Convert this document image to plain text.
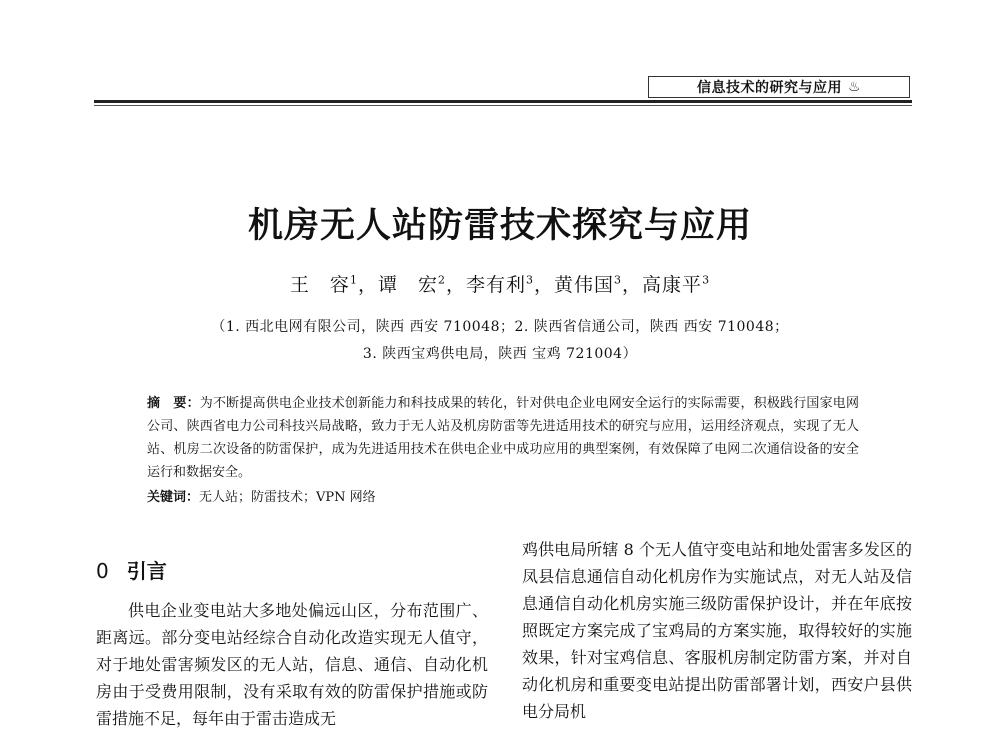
信息技术的研究与应用 ♨
机房无人站防雷技术探究与应用
王　容$^1$，谭　宏$^2$，李有利$^3$，黄伟国$^3$，高康平$^3$
（1. 西北电网有限公司，陕西 西安 710048；2. 陕西省信通公司，陕西 西安 710048；
3. 陕西宝鸡供电局，陕西 宝鸡 721004）
摘　要：为不断提高供电企业技术创新能力和科技成果的转化，针对供电企业电网安全运行的实际需要，积极践行国家电网公司、陕西省电力公司科技兴局战略，致力于无人站及机房防雷等先进适用技术的研究与应用，运用经济观点，实现了无人站、机房二次设备的防雷保护，成为先进适用技术在供电企业中成功应用的典型案例，有效保障了电网二次通信设备的安全运行和数据安全。
关键词：无人站；防雷技术；VPN 网络
0 引言
供电企业变电站大多地处偏远山区，分布范围广、距离远。部分变电站经综合自动化改造实现无人值守，对于地处雷害频发区的无人站，信息、通信、自动化机房由于受费用限制，没有采取有效的防雷保护措施或防雷措施不足，每年由于雷击造成无
鸡供电局所辖 8 个无人值守变电站和地处雷害多发区的凤县信息通信自动化机房作为实施试点，对无人站及信息通信自动化机房实施三级防雷保护设计，并在年底按照既定方案完成了宝鸡局的方案实施，取得较好的实施效果，针对宝鸡信息、客服机房制定防雷方案，并对自动化机房和重要变电站提出防雷部署计划，西安户县供电分局机
